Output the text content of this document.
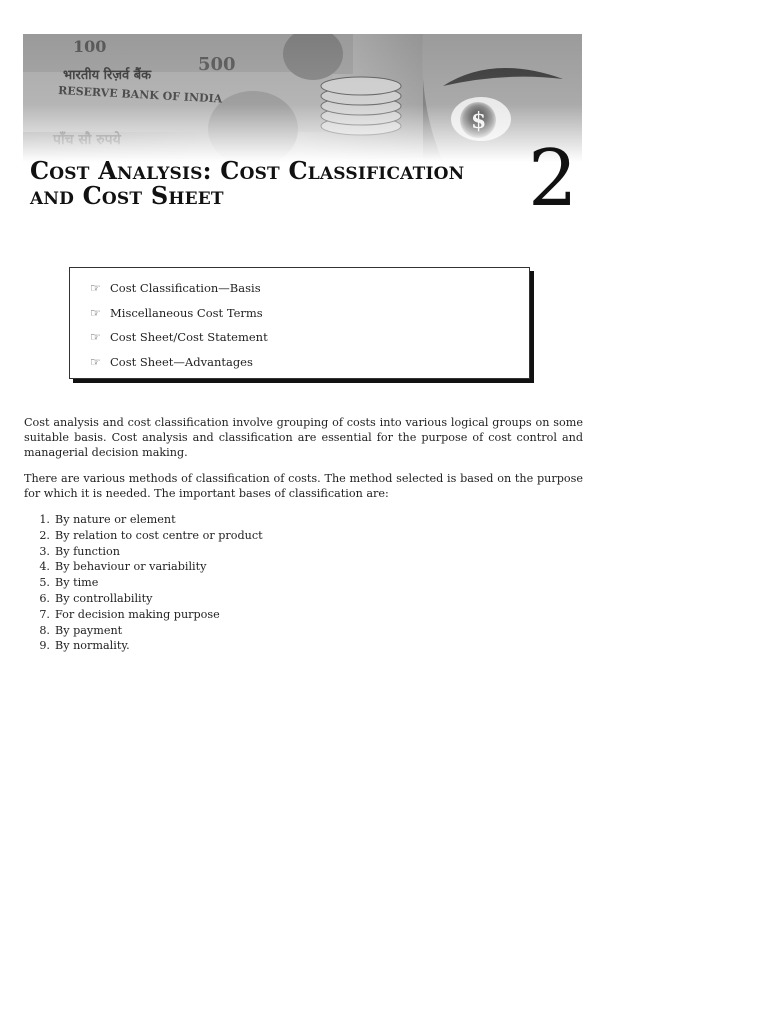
Cost Analysis: Cost Classification
and Cost Sheet	2
☞ Cost Classification—Basis
☞ Miscellaneous Cost Terms
☞ Cost Sheet/Cost Statement
☞ Cost Sheet—Advantages

Cost analysis and cost classification involve grouping of costs into various logical groups on some suitable basis. Cost analysis and classification are essential for the purpose of cost control and managerial decision making.

There are various methods of classification of costs. The method selected is based on the purpose for which it is needed. The important bases of classification are:

1. By nature or element
2. By relation to cost centre or product
3. By function
4. By behaviour or variability
5. By time
6. By controllability
7. For decision making purpose
8. By payment
9. By normality.
